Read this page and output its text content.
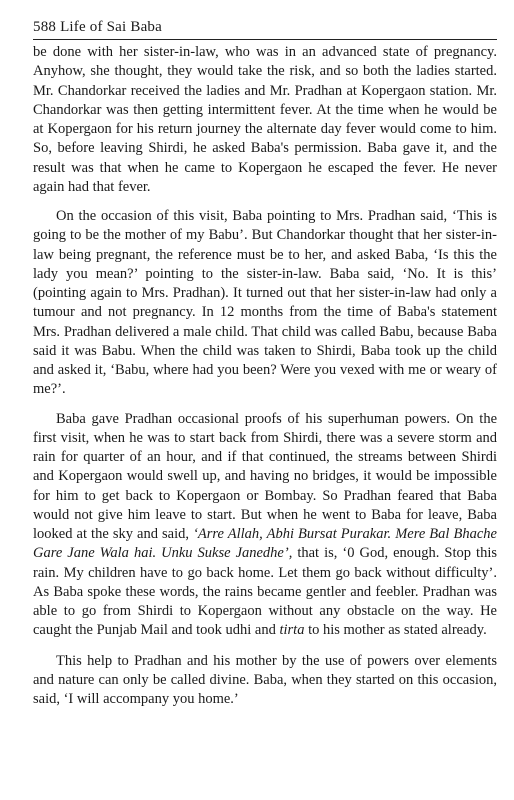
588 Life of Sai Baba

be done with her sister-in-law, who was in an advanced state of pregnancy. Anyhow, she thought, they would take the risk, and so both the ladies started. Mr. Chandorkar received the ladies and Mr. Pradhan at Kopergaon station. Mr. Chandorkar was then getting intermittent fever. At the time when he would be at Kopergaon for his return journey the alternate day fever would come to him. So, before leaving Shirdi, he asked Baba's permission. Baba gave it, and the result was that when he came to Kopergaon he escaped the fever. He never again had that fever.

On the occasion of this visit, Baba pointing to Mrs. Pradhan said, ‘This is going to be the mother of my Babu’. But Chandorkar thought that her sister-in-law being pregnant, the reference must be to her, and asked Baba, ‘Is this the lady you mean?’ pointing to the sister-in-law. Baba said, ‘No. It is this’ (pointing again to Mrs. Pradhan). It turned out that her sister-in-law had only a tumour and not pregnancy. In 12 months from the time of Baba's statement Mrs. Pradhan delivered a male child. That child was called Babu, because Baba said it was Babu. When the child was taken to Shirdi, Baba took up the child and asked it, ‘Babu, where had you been? Were you vexed with me or weary of me?’.

Baba gave Pradhan occasional proofs of his superhuman powers. On the first visit, when he was to start back from Shirdi, there was a severe storm and rain for quarter of an hour, and if that continued, the streams between Shirdi and Kopergaon would swell up, and having no bridges, it would be impossible for him to get back to Kopergaon or Bombay. So Pradhan feared that Baba would not give him leave to start. But when he went to Baba for leave, Baba looked at the sky and said, ‘Arre Allah, Abhi Bursat Purakar. Mere Bal Bhache Gare Jane Wala hai. Unku Sukse Janedhe’, that is, ‘0 God, enough. Stop this rain. My children have to go back home. Let them go back without difficulty’. As Baba spoke these words, the rains became gentler and feebler. Pradhan was able to go from Shirdi to Kopergaon without any obstacle on the way. He caught the Punjab Mail and took udhi and tirta to his mother as stated already.

This help to Pradhan and his mother by the use of powers over elements and nature can only be called divine. Baba, when they started on this occasion, said, ‘I will accompany you home.’
